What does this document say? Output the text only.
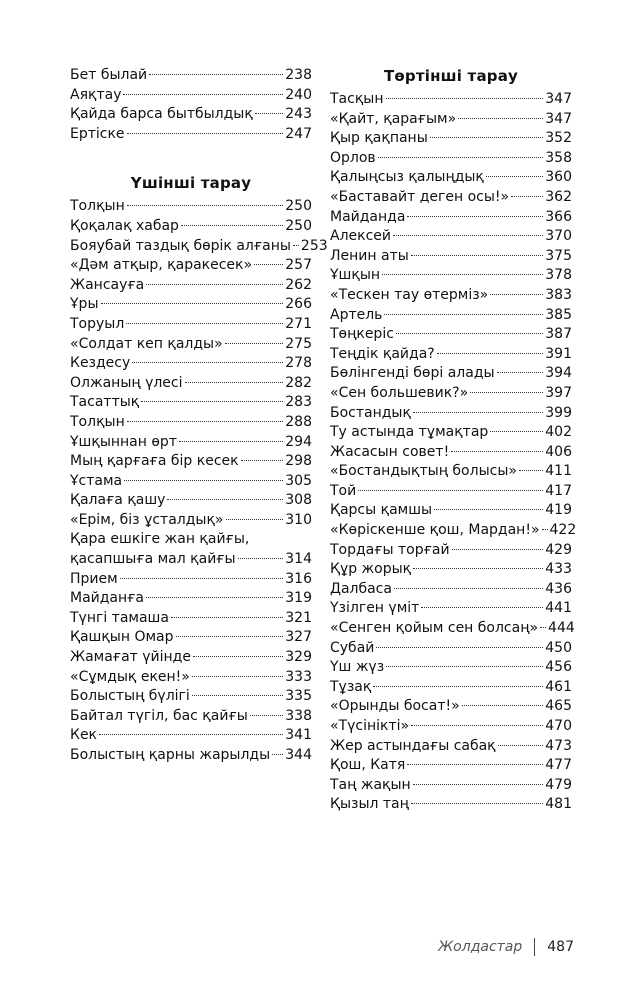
Бет былай	238
Аяқтау	240
Қайда барса бытбылдық 243
Ертіске	247
Үшінші тарау
Толқын	250
Қоқалақ хабар	250
Бояубай таздық бөрік алғаны 253
«Дәм атқыр, қаракесек» 257
Жансауға	262
Ұры	266
Торуыл	271
«Солдат кеп қалды»	275
Кездесу	278
Олжаның үлесі	282
Тасаттық	283
Толқын	288
Ұшқыннан өрт	294
Мың қарғаға бір кесек	298
Ұстама	305
Қалаға қашу	308
«Ерім, біз ұсталдық»	310
Қара ешкіге жан қайғы,
қасапшыға мал қайғы	314
Прием	316
Майданға	319
Түнгі тамаша	321
Қашқын Омар	327
Жамағат үйінде	329
«Сұмдық екен!»	333
Болыстың бүлігі	335
Байтал түгіл, бас қайғы	338
Кек	341
Болыстың қарны жарылды 344
Төртінші тарау
Тасқын	347
«Қайт, қарағым»	347
Қыр қақпаны	352
Орлов	358
Қалыңсыз қалыңдық	360
«Баставайт деген осы!»	362
Майданда	366
Алексей	370
Ленин аты	375
Ұшқын	378
«Тескен тау өтерміз»	383
Артель	385
Төңкеріс	387
Теңдік қайда?	391
Бөлінгенді бөрі алады	394
«Сен большевик?»	397
Бостандық	399
Ту астында тұмақтар	402
Жасасын совет!	406
«Бостандықтың болысы» 411
Той	417
Қарсы қамшы	419
«Көріскенше қош, Мардан!» 422
Тордағы торғай	429
Құр жорық	433
Далбаса	436
Үзілген үміт	441
«Сенген қойым сен болсаң» 444
Субай	450
Үш жүз	456
Тұзақ	461
«Орынды босат!»	465
«Түсінікті»	470
Жер астындағы сабақ	473
Қош, Катя	477
Таң жақын	479
Қызыл таң	481
Жолдастар 487
